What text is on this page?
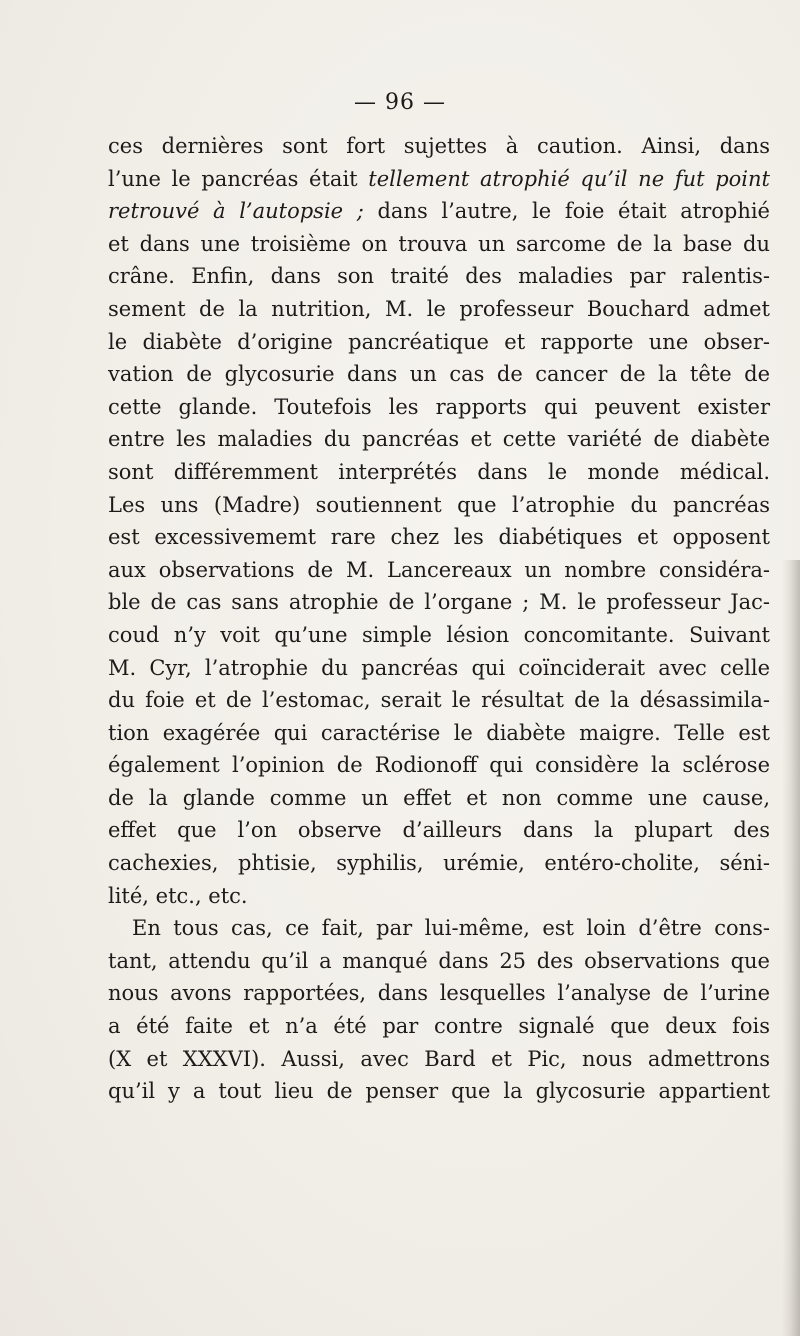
— 96 —
ces dernières sont fort sujettes à caution. Ainsi, dans
l’une le pancréas était tellement atrophié qu’il ne fut point
retrouvé à l’autopsie ; dans l’autre, le foie était atrophié
et dans une troisième on trouva un sarcome de la base du
crâne. Enfin, dans son traité des maladies par ralentis-
sement de la nutrition, M. le professeur Bouchard admet
le diabète d’origine pancréatique et rapporte une obser-
vation de glycosurie dans un cas de cancer de la tête de
cette glande. Toutefois les rapports qui peuvent exister
entre les maladies du pancréas et cette variété de diabète
sont différemment interprétés dans le monde médical.
Les uns (Madre) soutiennent que l’atrophie du pancréas
est excessivememt rare chez les diabétiques et opposent
aux observations de M. Lancereaux un nombre considéra-
ble de cas sans atrophie de l’organe ; M. le professeur Jac-
coud n’y voit qu’une simple lésion concomitante. Suivant
M. Cyr, l’atrophie du pancréas qui coïnciderait avec celle
du foie et de l’estomac, serait le résultat de la désassimila-
tion exagérée qui caractérise le diabète maigre. Telle est
également l’opinion de Rodionoff qui considère la sclérose
de la glande comme un effet et non comme une cause,
effet que l’on observe d’ailleurs dans la plupart des
cachexies, phtisie, syphilis, urémie, entéro-cholite, séni-
lité, etc., etc.
En tous cas, ce fait, par lui-même, est loin d’être cons-
tant, attendu qu’il a manqué dans 25 des observations que
nous avons rapportées, dans lesquelles l’analyse de l’urine
a été faite et n’a été par contre signalé que deux fois
(X et XXXVI). Aussi, avec Bard et Pic, nous admettrons
qu’il y a tout lieu de penser que la glycosurie appartient
